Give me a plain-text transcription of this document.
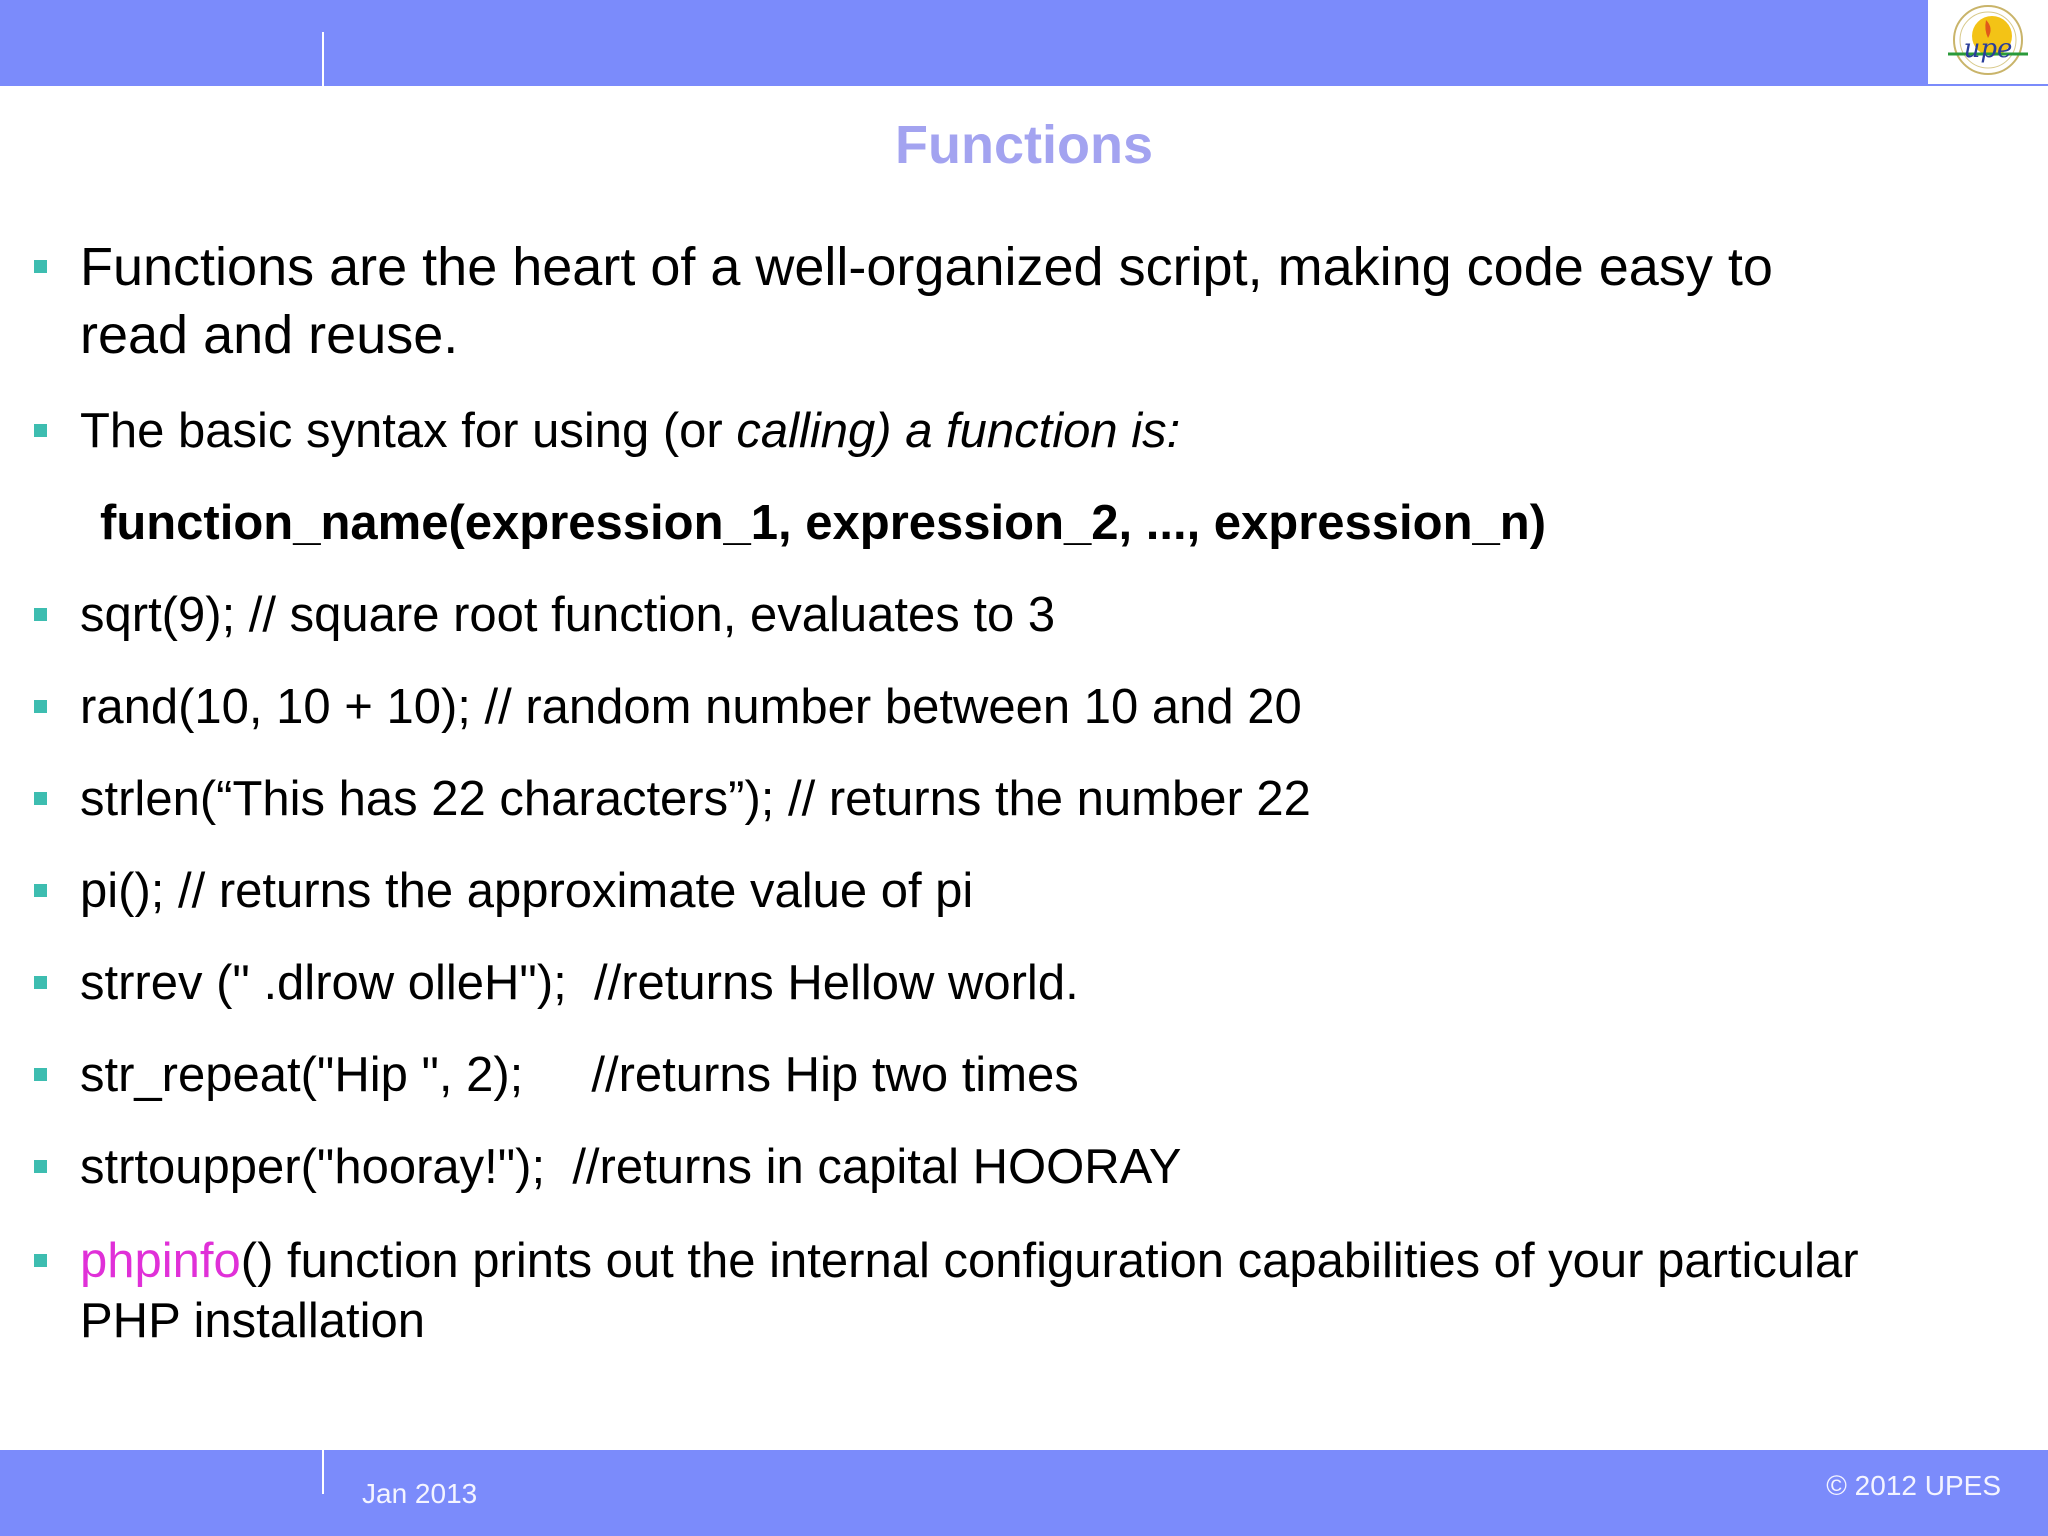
upe
Functions
Functions are the heart of a well-organized script, making code easy to
read and reuse.
The basic syntax for using (or calling) a function is:
function_name(expression_1, expression_2, ..., expression_n)
sqrt(9); // square root function, evaluates to 3
rand(10, 10 + 10); // random number between 10 and 20
strlen(“This has 22 characters”); // returns the number 22
pi(); // returns the approximate value of pi
strrev (" .dlrow olleH");  //returns Hellow world.
str_repeat("Hip ", 2);     //returns Hip two times
strtoupper("hooray!");  //returns in capital HOORAY
phpinfo() function prints out the internal configuration capabilities of your particular
PHP installation
Jan 2013	© 2012 UPES
